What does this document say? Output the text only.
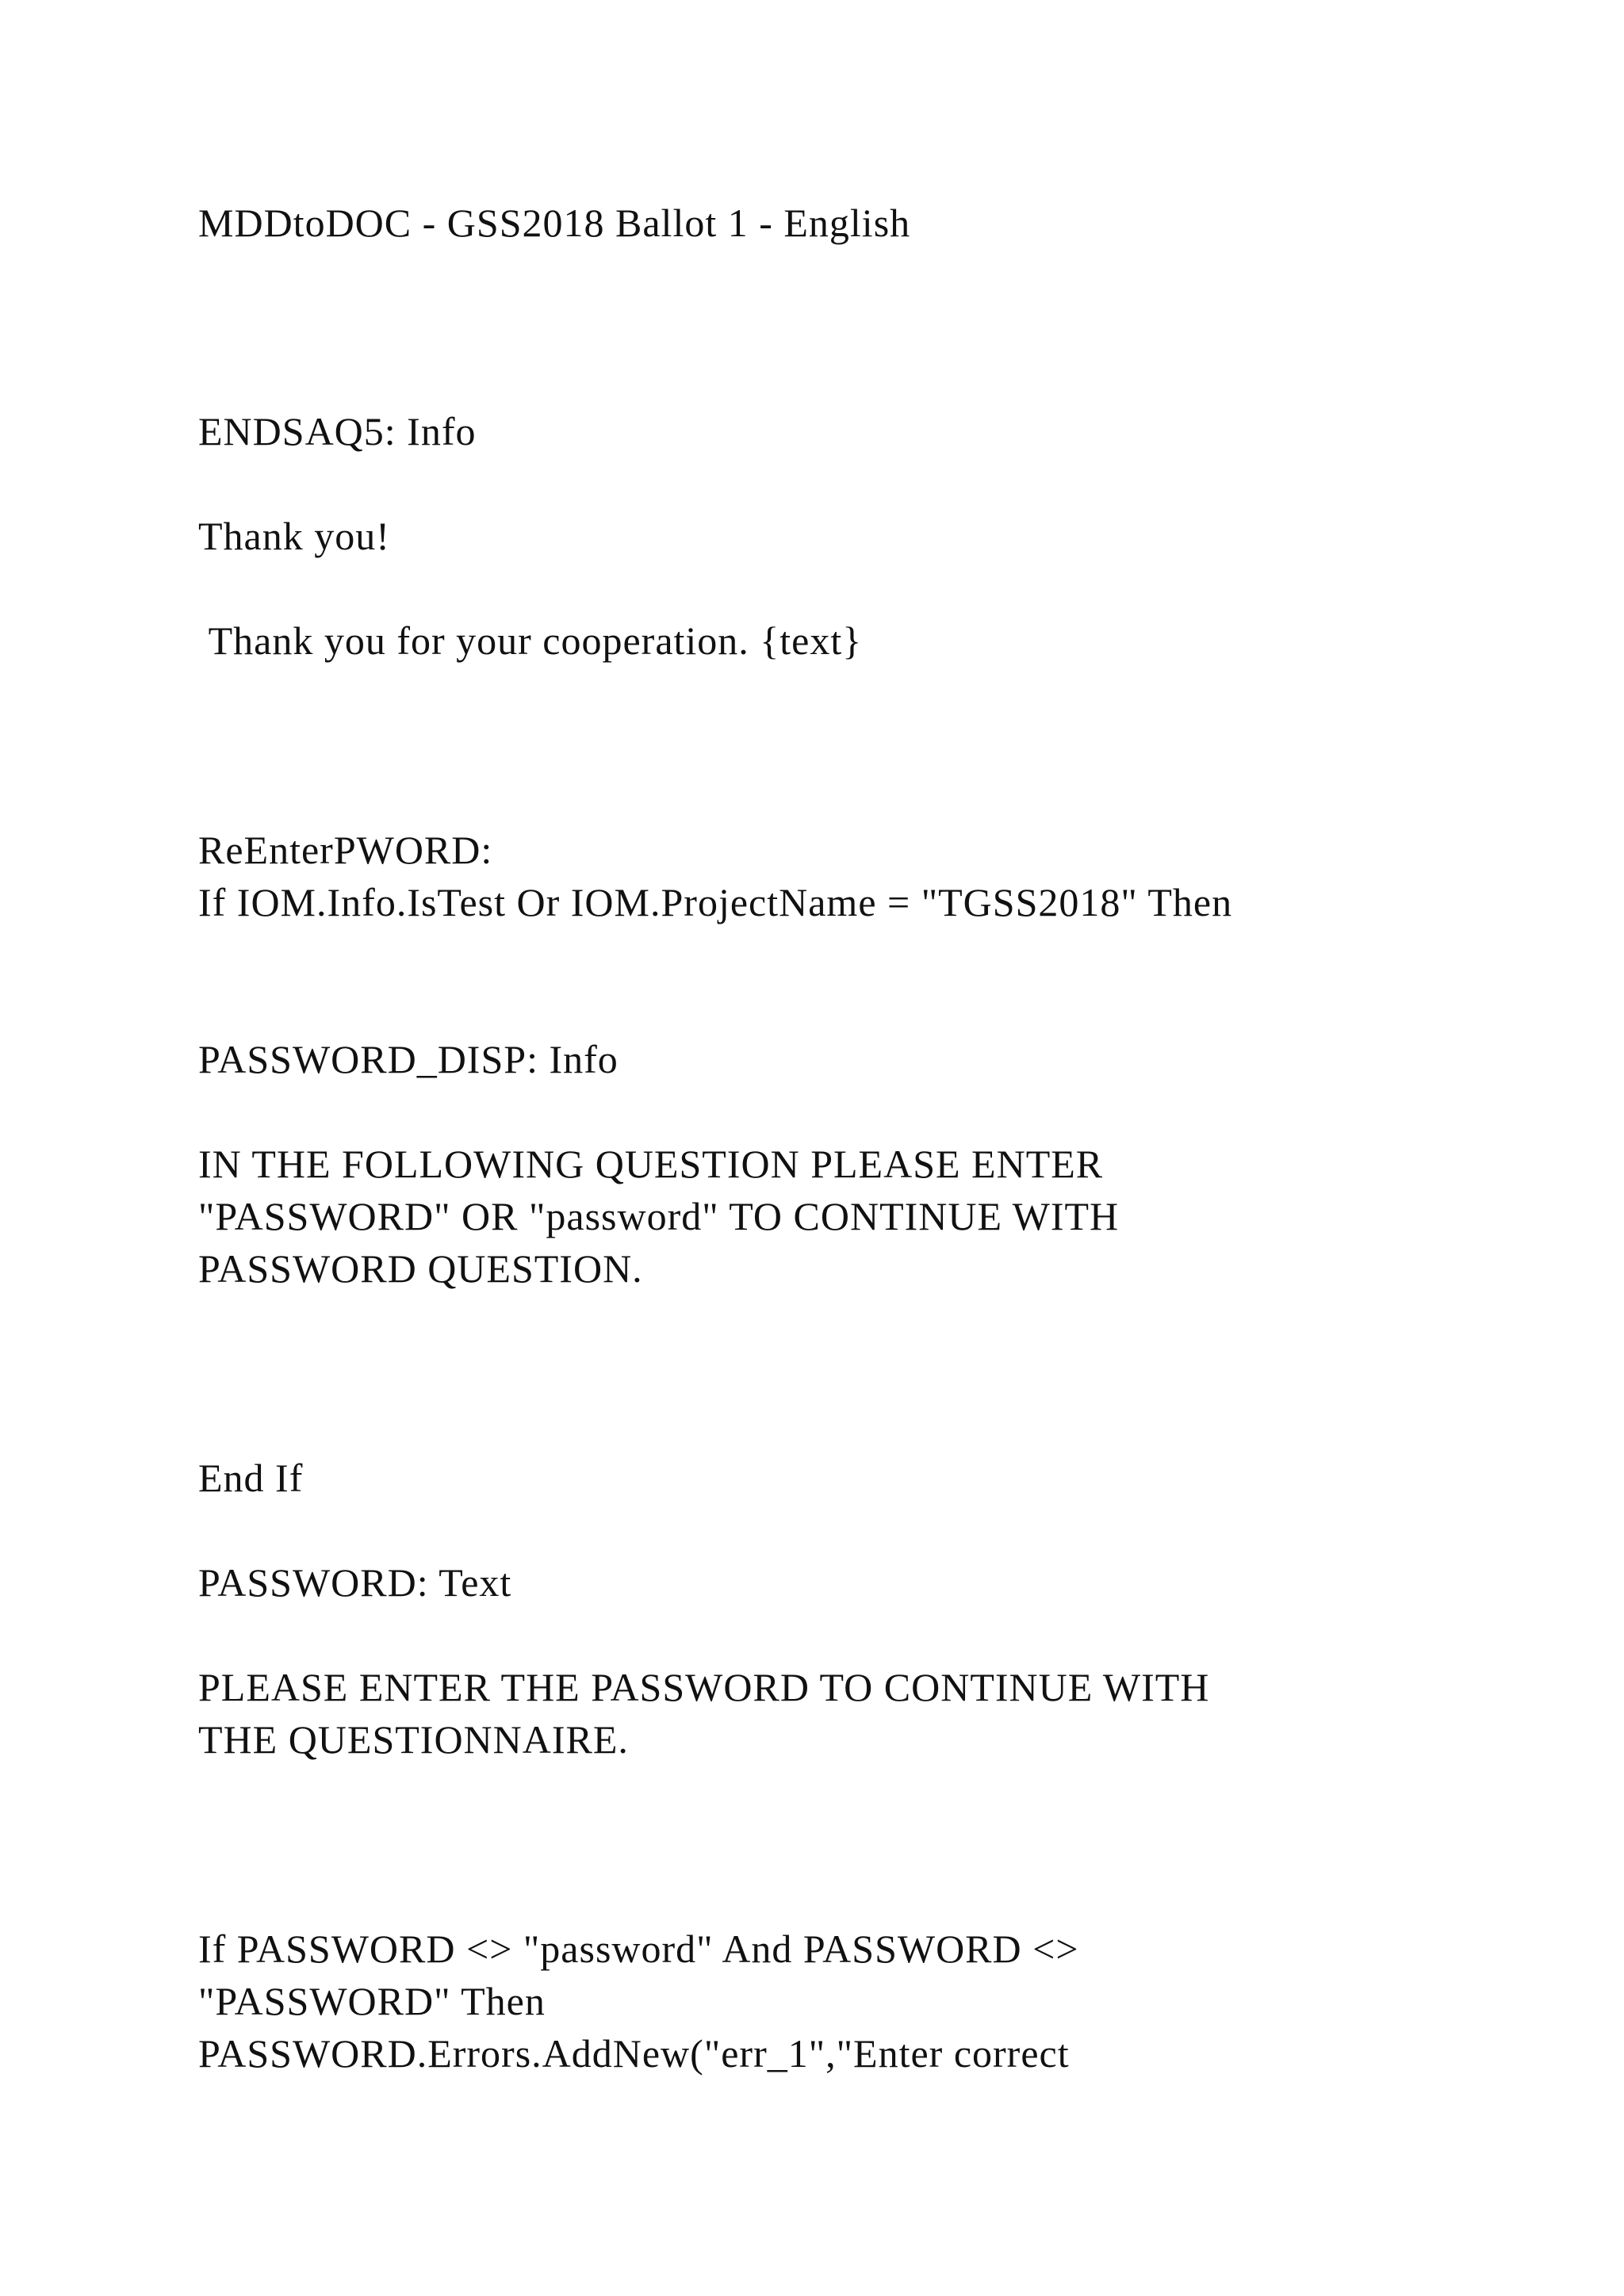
MDDtoDOC - GSS2018 Ballot 1 - English

ENDSAQ5: Info

Thank you!

Thank you for your cooperation. {text}

ReEnterPWORD:

If IOM.Info.IsTest Or IOM.ProjectName = "TGSS2018" Then

PASSWORD_DISP: Info

IN THE FOLLOWING QUESTION PLEASE ENTER

"PASSWORD" OR "password" TO CONTINUE WITH

PASSWORD QUESTION.

End If

PASSWORD: Text

PLEASE ENTER THE PASSWORD TO CONTINUE WITH

THE QUESTIONNAIRE.

If PASSWORD <> "password" And PASSWORD <>

"PASSWORD" Then

PASSWORD.Errors.AddNew("err_1","Enter correct
